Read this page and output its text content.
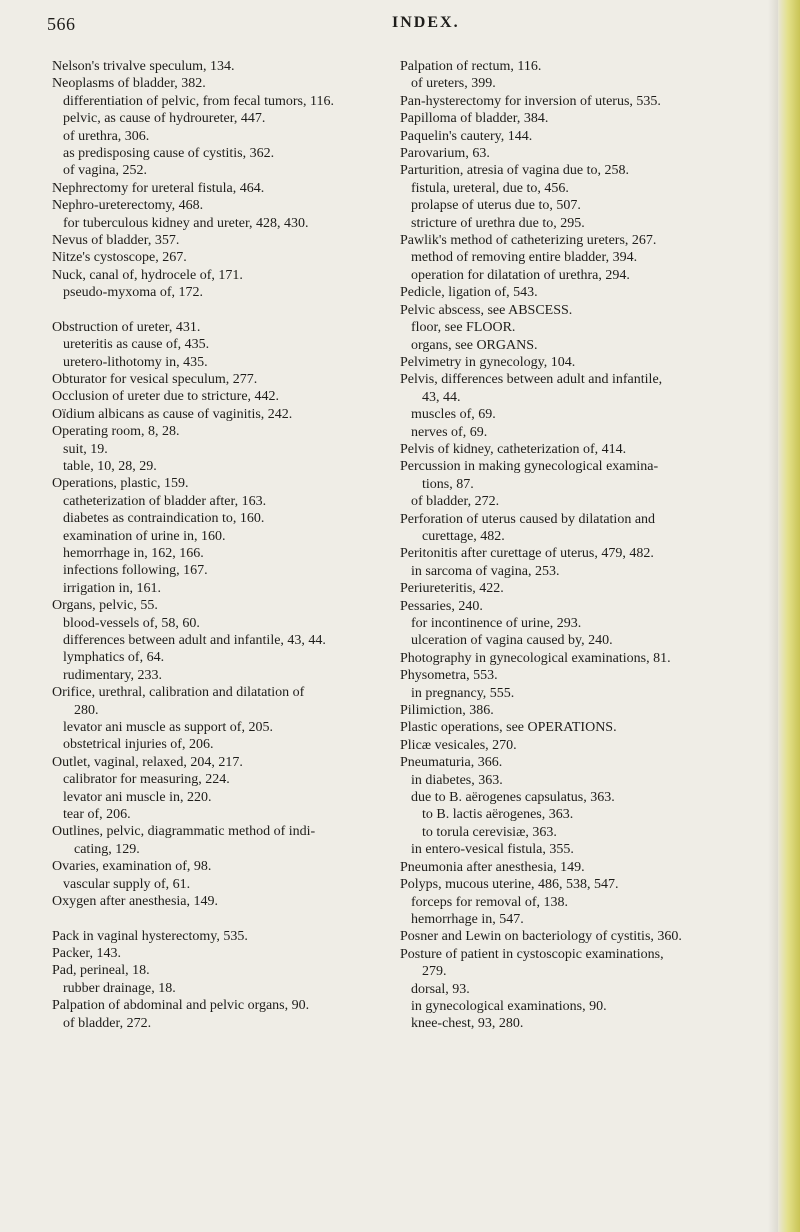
566	INDEX.
Nelson's trivalve speculum, 134.
Neoplasms of bladder, 382.
differentiation of pelvic, from fecal tumors, 116.
pelvic, as cause of hydroureter, 447.
of urethra, 306.
as predisposing cause of cystitis, 362.
of vagina, 252.
Nephrectomy for ureteral fistula, 464.
Nephro-ureterectomy, 468.
for tuberculous kidney and ureter, 428, 430.
Nevus of bladder, 357.
Nitze's cystoscope, 267.
Nuck, canal of, hydrocele of, 171.
pseudo-myxoma of, 172.
Obstruction of ureter, 431.
ureteritis as cause of, 435.
uretero-lithotomy in, 435.
Obturator for vesical speculum, 277.
Occlusion of ureter due to stricture, 442.
Oïdium albicans as cause of vaginitis, 242.
Operating room, 8, 28.
suit, 19.
table, 10, 28, 29.
Operations, plastic, 159.
catheterization of bladder after, 163.
diabetes as contraindication to, 160.
examination of urine in, 160.
hemorrhage in, 162, 166.
infections following, 167.
irrigation in, 161.
Organs, pelvic, 55.
blood-vessels of, 58, 60.
differences between adult and infantile, 43, 44.
lymphatics of, 64.
rudimentary, 233.
Orifice, urethral, calibration and dilatation of
280.
levator ani muscle as support of, 205.
obstetrical injuries of, 206.
Outlet, vaginal, relaxed, 204, 217.
calibrator for measuring, 224.
levator ani muscle in, 220.
tear of, 206.
Outlines, pelvic, diagrammatic method of indi-
cating, 129.
Ovaries, examination of, 98.
vascular supply of, 61.
Oxygen after anesthesia, 149.
Pack in vaginal hysterectomy, 535.
Packer, 143.
Pad, perineal, 18.
rubber drainage, 18.
Palpation of abdominal and pelvic organs, 90.
of bladder, 272.
Palpation of rectum, 116.
of ureters, 399.
Pan-hysterectomy for inversion of uterus, 535.
Papilloma of bladder, 384.
Paquelin's cautery, 144.
Parovarium, 63.
Parturition, atresia of vagina due to, 258.
fistula, ureteral, due to, 456.
prolapse of uterus due to, 507.
stricture of urethra due to, 295.
Pawlik's method of catheterizing ureters, 267.
method of removing entire bladder, 394.
operation for dilatation of urethra, 294.
Pedicle, ligation of, 543.
Pelvic abscess, see ABSCESS.
floor, see FLOOR.
organs, see ORGANS.
Pelvimetry in gynecology, 104.
Pelvis, differences between adult and infantile,
43, 44.
muscles of, 69.
nerves of, 69.
Pelvis of kidney, catheterization of, 414.
Percussion in making gynecological examina-
tions, 87.
of bladder, 272.
Perforation of uterus caused by dilatation and
curettage, 482.
Peritonitis after curettage of uterus, 479, 482.
in sarcoma of vagina, 253.
Periureteritis, 422.
Pessaries, 240.
for incontinence of urine, 293.
ulceration of vagina caused by, 240.
Photography in gynecological examinations, 81.
Physometra, 553.
in pregnancy, 555.
Pilimiction, 386.
Plastic operations, see OPERATIONS.
Plicæ vesicales, 270.
Pneumaturia, 366.
in diabetes, 363.
due to B. aërogenes capsulatus, 363.
to B. lactis aërogenes, 363.
to torula cerevisiæ, 363.
in entero-vesical fistula, 355.
Pneumonia after anesthesia, 149.
Polyps, mucous uterine, 486, 538, 547.
forceps for removal of, 138.
hemorrhage in, 547.
Posner and Lewin on bacteriology of cystitis, 360.
Posture of patient in cystoscopic examinations,
279.
dorsal, 93.
in gynecological examinations, 90.
knee-chest, 93, 280.
